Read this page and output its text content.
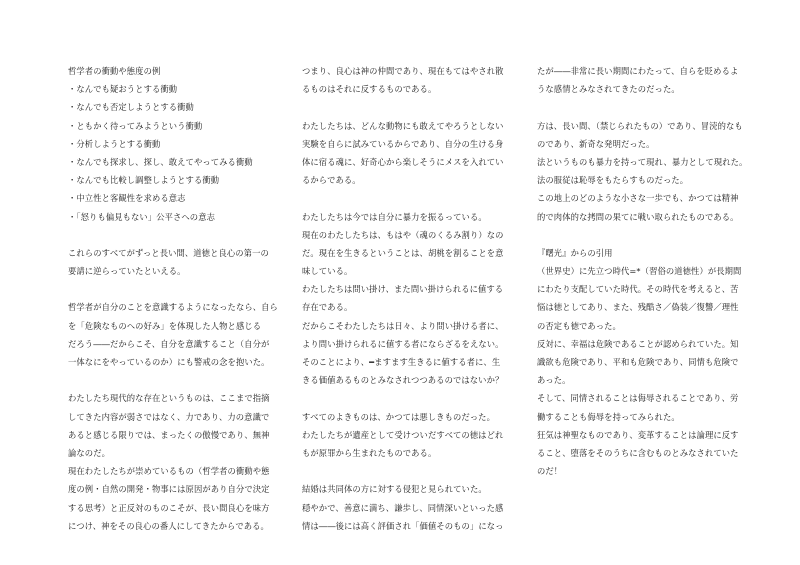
哲学者の衝動や態度の例
・なんでも疑おうとする衝動
・なんでも否定しようとする衝動
・ともかく待ってみようという衝動
・分析しようとする衝動
・なんでも探求し、探し、敢えてやってみる衝動
・なんでも比較し調整しようとする衝動
・中立性と客観性を求める意志
・「怒りも偏見もない」公平さへの意志
これらのすべてがずっと長い間、道徳と良心の第一の
要請に逆らっていたといえる。
哲学者が自分のことを意識するようになったなら、自ら
を「危険なものへの好み」を体現した人物と感じる
だろう――だからこそ、自分を意識すること（自分が
一体なにをやっているのか）にも警戒の念を抱いた。
わたしたち現代的な存在というものは、ここまで指摘
してきた内容が弱さではなく、力であり、力の意識で
あると感じる限りでは、まったくの傲慢であり、無神
論なのだ。
現在わたしたちが崇めているもの（哲学者の衝動や態
度の例・自然の開発・物事には原因があり自分で決定
する思考）と正反対のものこそが、長い間良心を味方
につけ、神をその良心の番人にしてきたからである。
つまり、良心は神の仲間であり、現在もてはやされ散
るものはそれに反するものである。
わたしたちは、どんな動物にも敢えてやろうとしない
実験を自らに試みているからであり、自分の生ける身
体に宿る魂に、好奇心から楽しそうにメスを入れてい
るからである。
わたしたちは今では自分に暴力を振るっている。
現在のわたしたちは、もはや（魂のくるみ割り）なの
だ。現在を生きるということは、胡桃を割ることを意
味している。
わたしたちは問い掛け、また問い掛けられるに値する
存在である。
だからこそわたしたちは日々、より問い掛ける者に、
より問い掛けられるに値する者にならざるをえない。
そのことにより、━ますます生きるに値する者に、生
きる価値あるものとみなされつつあるのではないか？
すべてのよきものは、かつては悪しきものだった。
わたしたちが遺産として受けついだすべての徳はどれ
もが原罪から生まれたものである。
結婚は共同体の方に対する侵犯と見られていた。
穏やかで、善意に満ち、謙歩し、同情深いといった感
情は――後には高く評価され「価値そのもの」になっ
たが――非常に長い期間にわたって、自らを貶めるよ
うな感情とみなされてきたのだった。
方は、長い間、（禁じられたもの）であり、冒涜的なも
のであり、新奇な発明だった。
法というものも暴力を持って現れ、暴力として現れた。
法の服従は恥辱をもたらすものだった。
この地上のどのような小さな一歩でも、かつては精神
的で肉体的な拷問の果てに戦い取られたものである。
『曙光』からの引用
（世界史）に先立つ時代=*（習俗の道徳性）が長期間
にわたり支配していた時代。その時代を考えると、苦
悩は徳としてあり、また、残酷さ／偽装／復讐／理性
の否定も徳であった。
反対に、幸福は危険であることが認められていた。知
識欲も危険であり、平和も危険であり、同情も危険で
あった。
そして、同情されることは侮辱されることであり、労
働することも侮辱を持ってみられた。
狂気は神聖なものであり、変革することは論理に反す
ること、堕落をそのうちに含むものとみなされていた
のだ！
